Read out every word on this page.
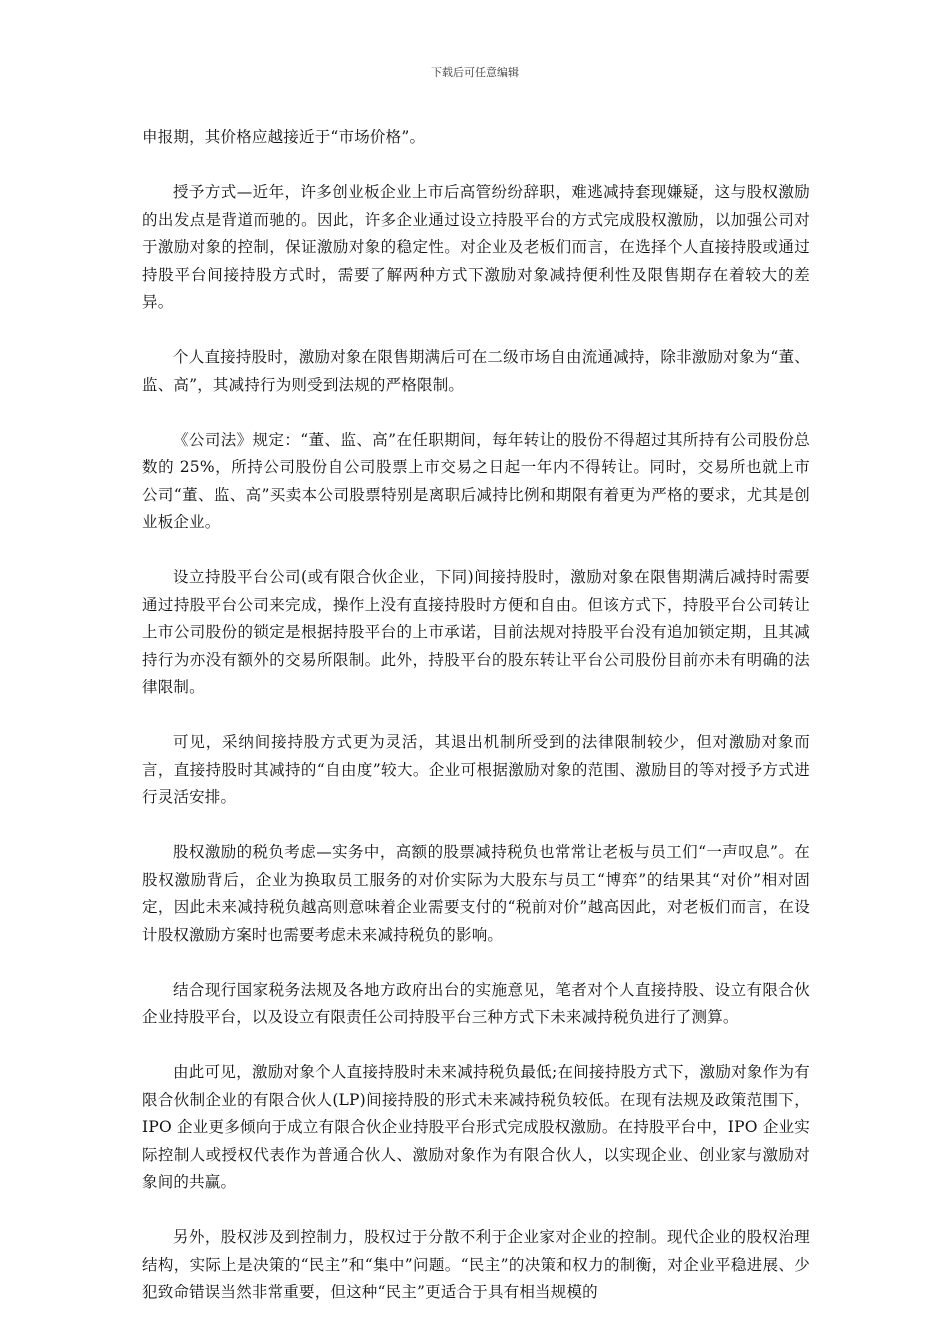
下载后可任意编辑

申报期，其价格应越接近于“市场价格”。

授予方式—近年，许多创业板企业上市后高管纷纷辞职，难逃减持套现嫌疑，这与股权激励的出发点是背道而驰的。因此，许多企业通过设立持股平台的方式完成股权激励，以加强公司对于激励对象的控制，保证激励对象的稳定性。对企业及老板们而言，在选择个人直接持股或通过持股平台间接持股方式时，需要了解两种方式下激励对象减持便利性及限售期存在着较大的差异。

个人直接持股时，激励对象在限售期满后可在二级市场自由流通减持，除非激励对象为“董、监、高”，其减持行为则受到法规的严格限制。

《公司法》规定：“董、监、高”在任职期间，每年转让的股份不得超过其所持有公司股份总数的 25%，所持公司股份自公司股票上市交易之日起一年内不得转让。同时，交易所也就上市公司“董、监、高”买卖本公司股票特别是离职后减持比例和期限有着更为严格的要求，尤其是创业板企业。

设立持股平台公司(或有限合伙企业，下同)间接持股时，激励对象在限售期满后减持时需要通过持股平台公司来完成，操作上没有直接持股时方便和自由。但该方式下，持股平台公司转让上市公司股份的锁定是根据持股平台的上市承诺，目前法规对持股平台没有追加锁定期，且其减持行为亦没有额外的交易所限制。此外，持股平台的股东转让平台公司股份目前亦未有明确的法律限制。

可见，采纳间接持股方式更为灵活，其退出机制所受到的法律限制较少，但对激励对象而言，直接持股时其减持的“自由度”较大。企业可根据激励对象的范围、激励目的等对授予方式进行灵活安排。

股权激励的税负考虑—实务中，高额的股票减持税负也常常让老板与员工们“一声叹息”。在股权激励背后，企业为换取员工服务的对价实际为大股东与员工“博弈”的结果其“对价”相对固定，因此未来减持税负越高则意味着企业需要支付的“税前对价”越高因此，对老板们而言，在设计股权激励方案时也需要考虑未来减持税负的影响。

结合现行国家税务法规及各地方政府出台的实施意见，笔者对个人直接持股、设立有限合伙企业持股平台，以及设立有限责任公司持股平台三种方式下未来减持税负进行了测算。

由此可见，激励对象个人直接持股时未来减持税负最低;在间接持股方式下，激励对象作为有限合伙制企业的有限合伙人(LP)间接持股的形式未来减持税负较低。在现有法规及政策范围下，IPO 企业更多倾向于成立有限合伙企业持股平台形式完成股权激励。在持股平台中，IPO 企业实际控制人或授权代表作为普通合伙人、激励对象作为有限合伙人，以实现企业、创业家与激励对象间的共赢。

另外，股权涉及到控制力，股权过于分散不利于企业家对企业的控制。现代企业的股权治理结构，实际上是决策的“民主”和“集中”问题。“民主”的决策和权力的制衡，对企业平稳进展、少犯致命错误当然非常重要，但这种“民主”更适合于具有相当规模的
